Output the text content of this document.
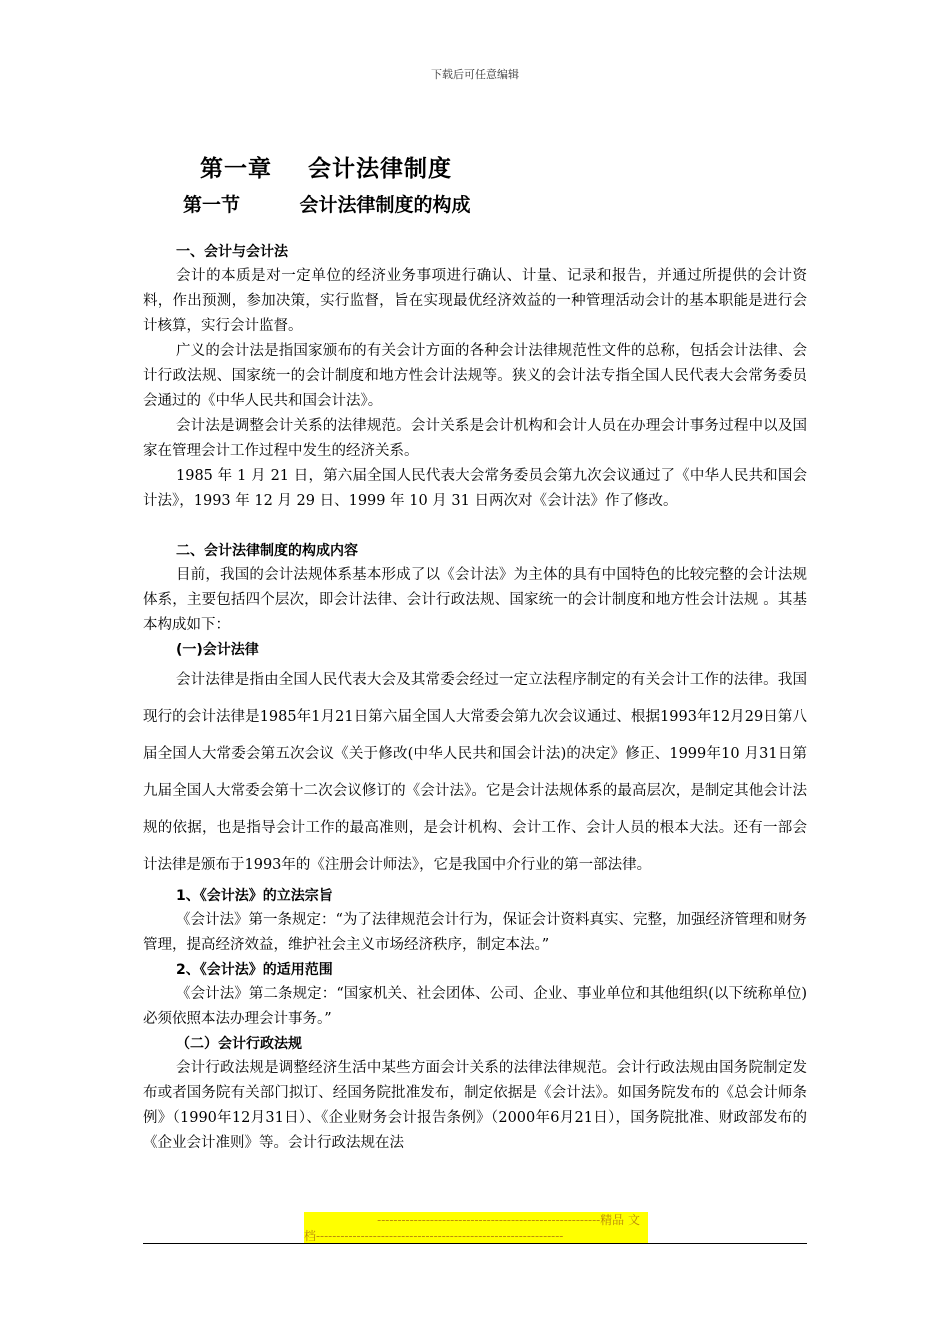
下载后可任意编辑
第一章    会计法律制度
第一节         会计法律制度的构成
一、会计与会计法

会计的本质是对一定单位的经济业务事项进行确认、计量、记录和报告，并通过所提供的会计资料，作出预测，参加决策，实行监督，旨在实现最优经济效益的一种管理活动会计的基本职能是进行会计核算，实行会计监督。

广义的会计法是指国家颁布的有关会计方面的各种会计法律规范性文件的总称，包括会计法律、会计行政法规、国家统一的会计制度和地方性会计法规等。狭义的会计法专指全国人民代表大会常务委员会通过的《中华人民共和国会计法》。

会计法是调整会计关系的法律规范。会计关系是会计机构和会计人员在办理会计事务过程中以及国家在管理会计工作过程中发生的经济关系。

1985 年 1 月 21 日，第六届全国人民代表大会常务委员会第九次会议通过了《中华人民共和国会计法》，1993 年 12 月 29 日、1999 年 10 月 31 日两次对《会计法》作了修改。

二、会计法律制度的构成内容

目前，我国的会计法规体系基本形成了以《会计法》为主体的具有中国特色的比较完整的会计法规体系，主要包括四个层次，即会计法律、会计行政法规、国家统一的会计制度和地方性会计法规 。其基本构成如下：

(一)会计法律

会计法律是指由全国人民代表大会及其常委会经过一定立法程序制定的有关会计工作的法律。我国现行的会计法律是1985年1月21日第六届全国人大常委会第九次会议通过、根据1993年12月29日第八届全国人大常委会第五次会议《关于修改(中华人民共和国会计法)的决定》修正、1999年10 月31日第九届全国人大常委会第十二次会议修订的《会计法》。它是会计法规体系的最高层次，是制定其他会计法规的依据，也是指导会计工作的最高准则，是会计机构、会计工作、会计人员的根本大法。还有一部会计法律是颁布于1993年的《注册会计师法》，它是我国中介行业的第一部法律。

1、《会计法》的立法宗旨

《会计法》第一条规定：“为了法律规范会计行为，保证会计资料真实、完整，加强经济管理和财务管理，提高经济效益，维护社会主义市场经济秩序，制定本法。”

2、《会计法》的适用范围

《会计法》第二条规定：“国家机关、社会团体、公司、企业、事业单位和其他组织(以下统称单位)必须依照本法办理会计事务。”

（二）会计行政法规

会计行政法规是调整经济生活中某些方面会计关系的法律法律规范。会计行政法规由国务院制定发布或者国务院有关部门拟订、经国务院批准发布，制定依据是《会计法》。如国务院发布的《总会计师条例》（1990年12月31日）、《企业财务会计报告条例》（2000年6月21日），国务院批准、财政部发布的《企业会计准则》等。会计行政法规在法

-------------------------------------------------------精品 文
档-------------------------------------------------------------
